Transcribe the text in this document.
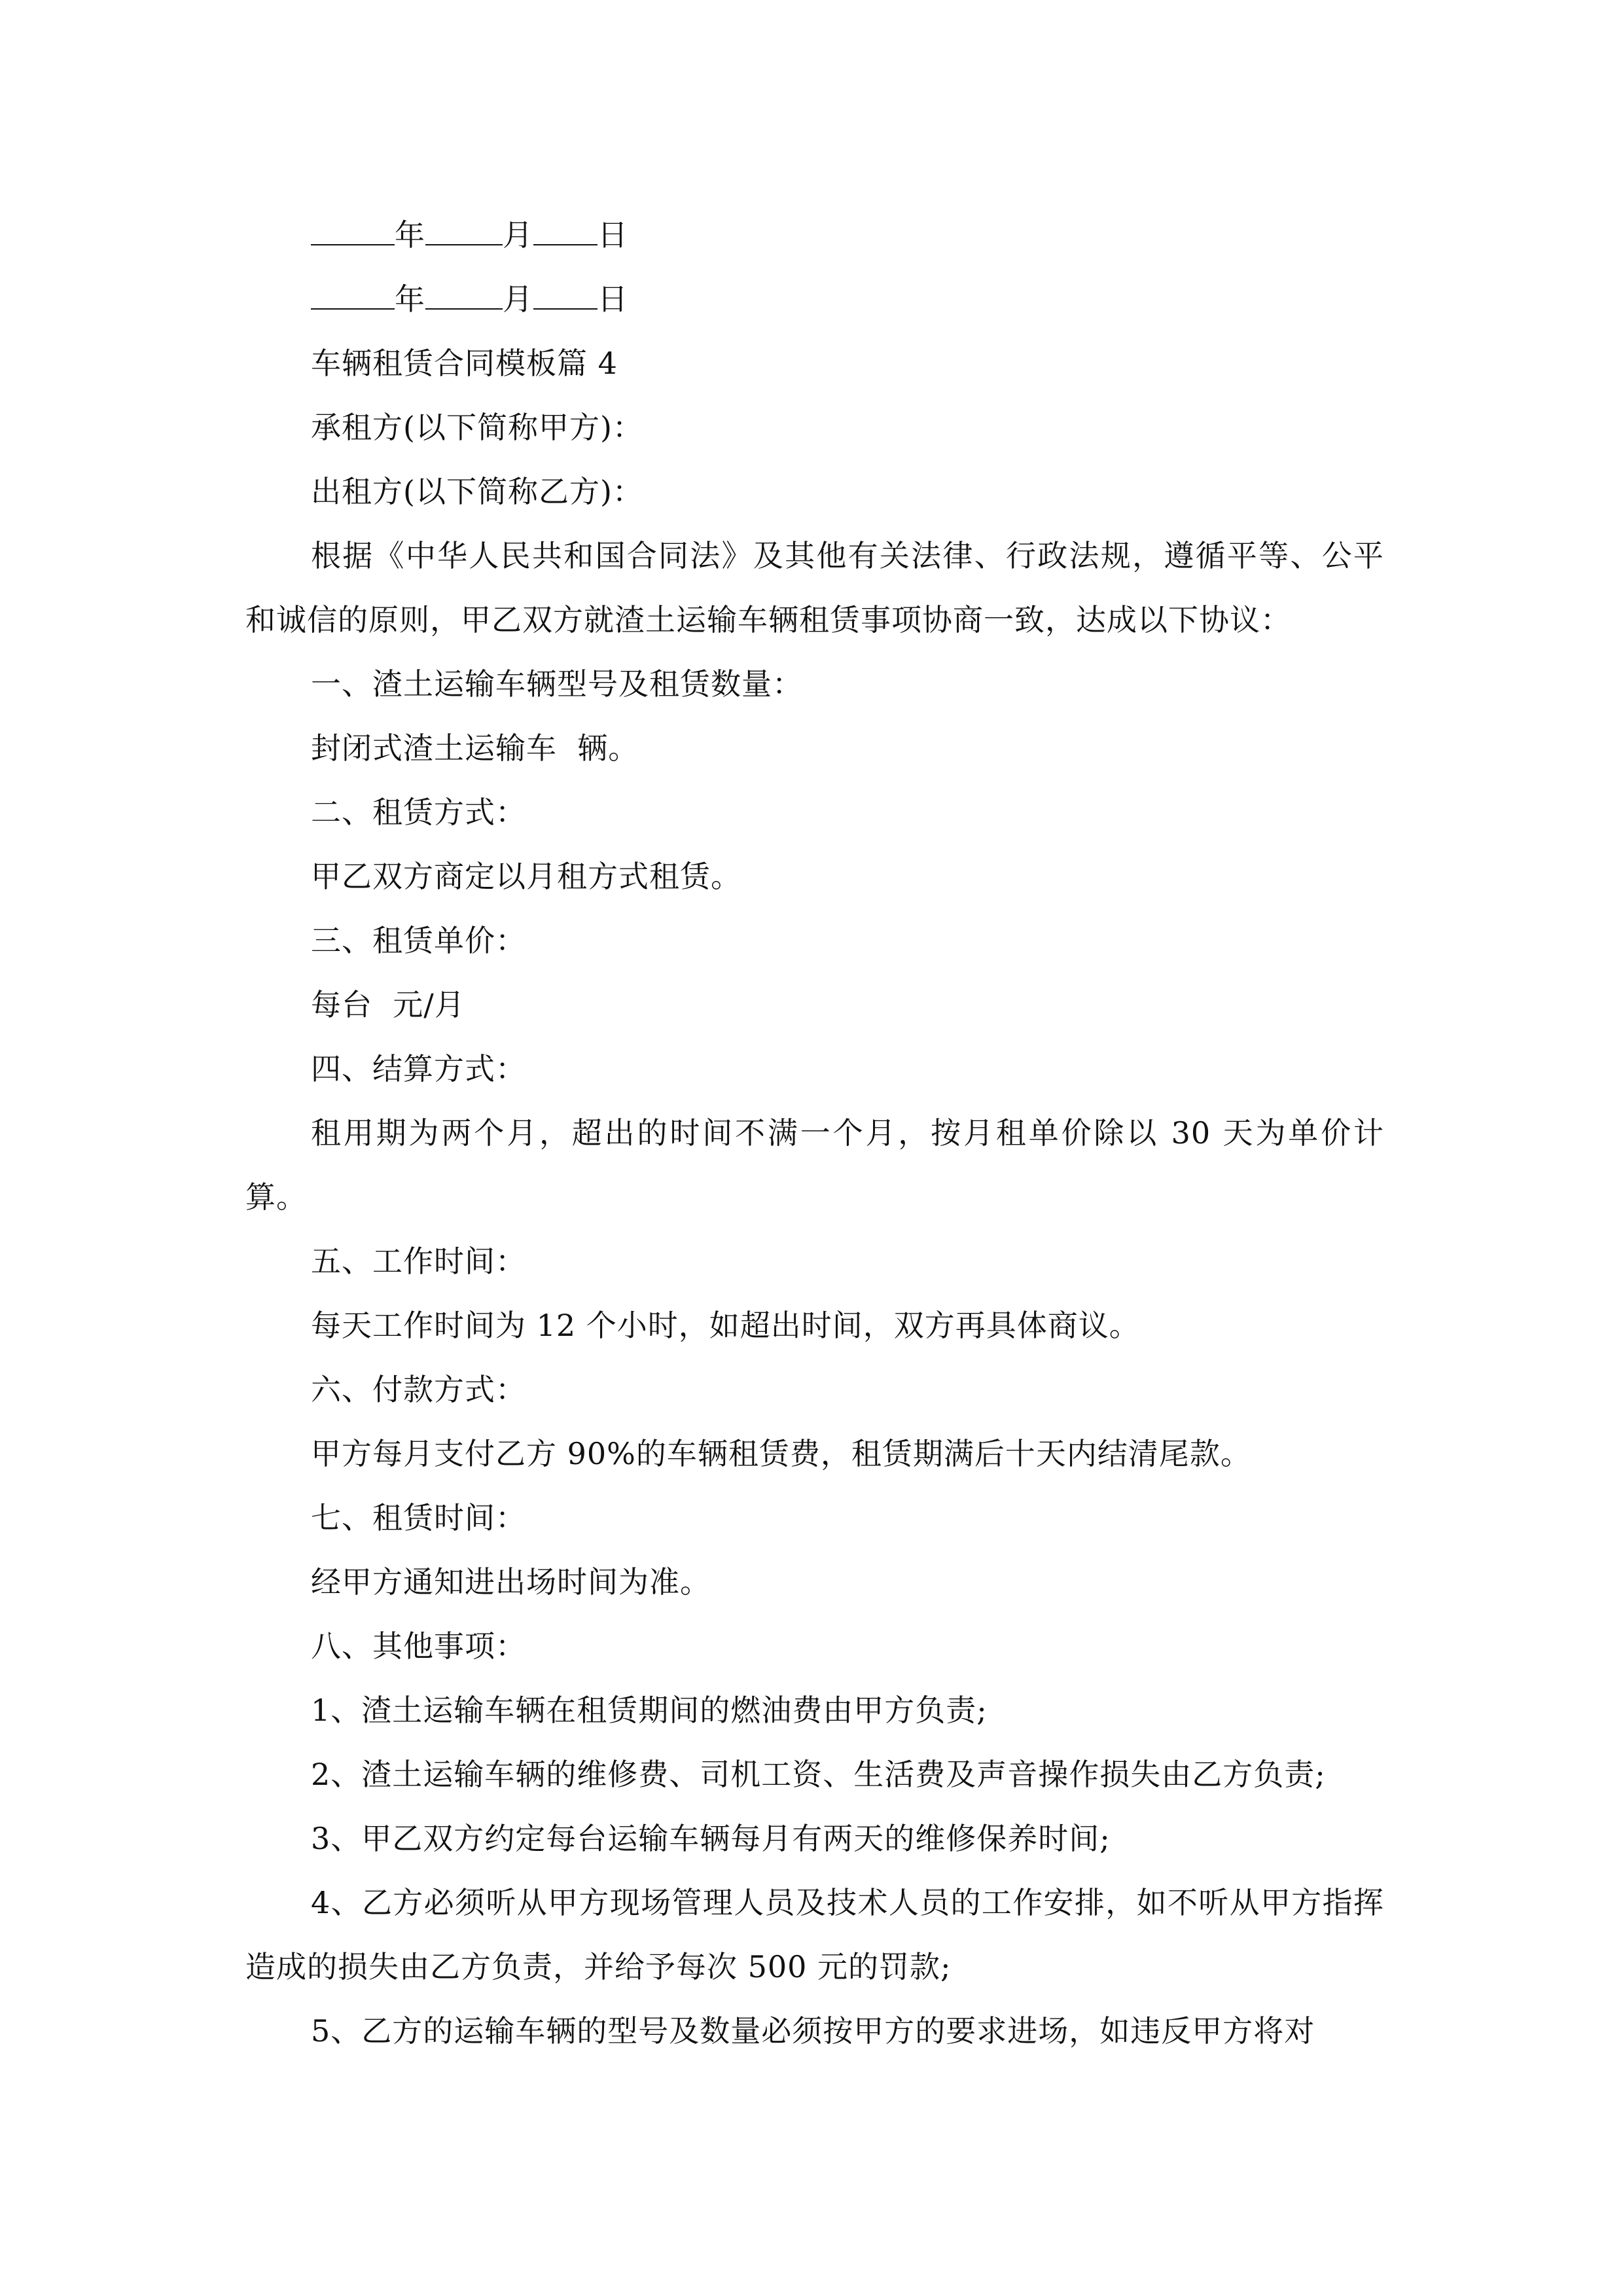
年	月 日
年	月 日
车辆租赁合同模板篇 4
承租方(以下简称甲方)：
出租方(以下简称乙方)：
根据《中华人民共和国合同法》及其他有关法律、行政法规，遵循平等、公平和诚信的原则，甲乙双方就渣土运输车辆租赁事项协商一致，达成以下协议：
一、渣土运输车辆型号及租赁数量：
封闭式渣土运输车  辆。
二、租赁方式：
甲乙双方商定以月租方式租赁。
三、租赁单价：
每台  元/月
四、结算方式：
租用期为两个月，超出的时间不满一个月，按月租单价除以 30 天为单价计算。
五、工作时间：
每天工作时间为 12 个小时，如超出时间，双方再具体商议。
六、付款方式：
甲方每月支付乙方 90%的车辆租赁费，租赁期满后十天内结清尾款。
七、租赁时间：
经甲方通知进出场时间为准。
八、其他事项：
1、渣土运输车辆在租赁期间的燃油费由甲方负责;
2、渣土运输车辆的维修费、司机工资、生活费及声音操作损失由乙方负责;
3、甲乙双方约定每台运输车辆每月有两天的维修保养时间;
4、乙方必须听从甲方现场管理人员及技术人员的工作安排，如不听从甲方指挥造成的损失由乙方负责，并给予每次 500 元的罚款;
5、乙方的运输车辆的型号及数量必须按甲方的要求进场，如违反甲方将对
